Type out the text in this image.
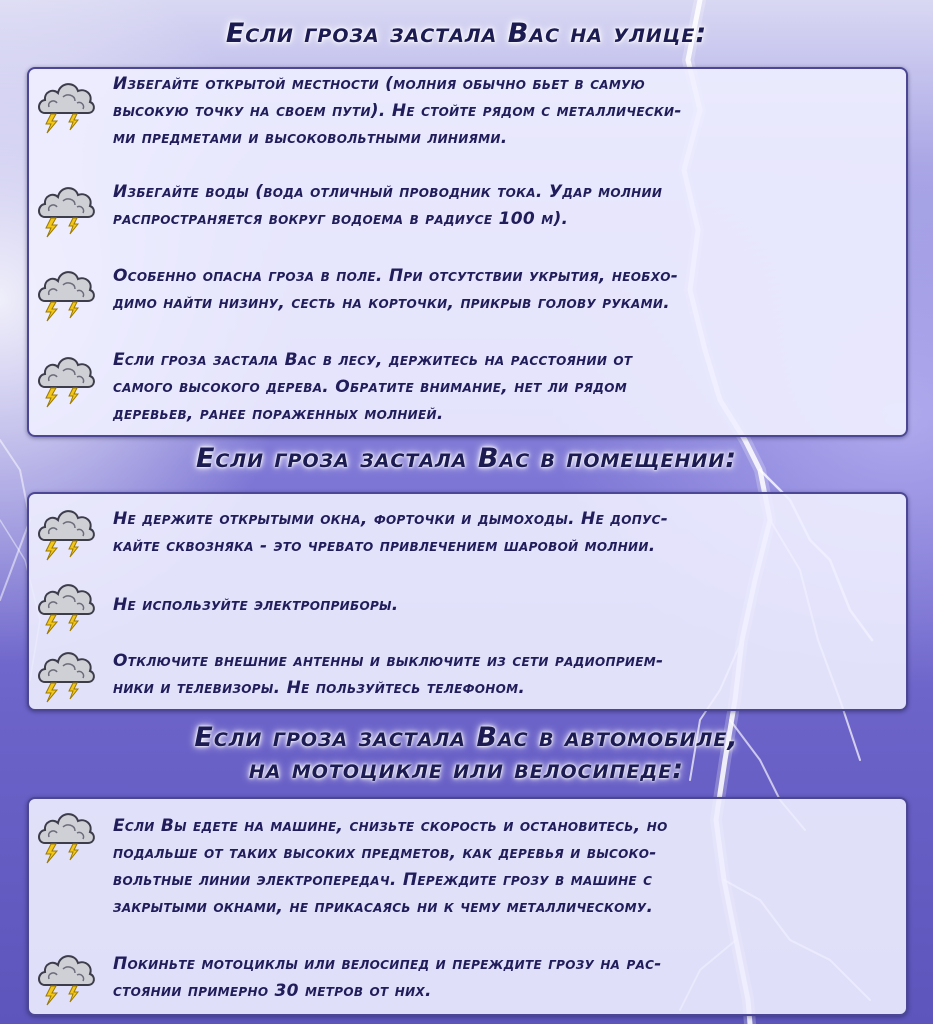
Если гроза застала Вас на улице:
Избегайте открытой местности (молния обычно бьет в самую
высокую точку на своем пути). Не стойте рядом с металлически-
ми предметами и высоковольтными линиями.
Избегайте воды (вода отличный проводник тока. Удар молнии
распространяется вокруг водоема в радиусе 100 м).
Особенно опасна гроза в поле. При отсутствии укрытия, необхо-
димо найти низину, сесть на корточки, прикрыв голову руками.
Если гроза застала Вас в лесу, держитесь на расстоянии от
самого высокого дерева. Обратите внимание, нет ли рядом
деревьев, ранее пораженных молнией.
Если гроза застала Вас в помещении:
Не держите открытыми окна, форточки и дымоходы. Не допус-
кайте сквозняка - это чревато привлечением шаровой молнии.
Не используйте электроприборы.
Отключите внешние антенны и выключите из сети радиоприем-
ники и телевизоры. Не пользуйтесь телефоном.
Если гроза застала Вас в автомобиле,
на мотоцикле или велосипеде:
Если Вы едете на машине, снизьте скорость и остановитесь, но
подальше от таких высоких предметов, как деревья и высоко-
вольтные линии электропередач. Переждите грозу в машине с
закрытыми окнами, не прикасаясь ни к чему металлическому.
Покиньте мотоциклы или велосипед и переждите грозу на рас-
стоянии примерно 30 метров от них.
